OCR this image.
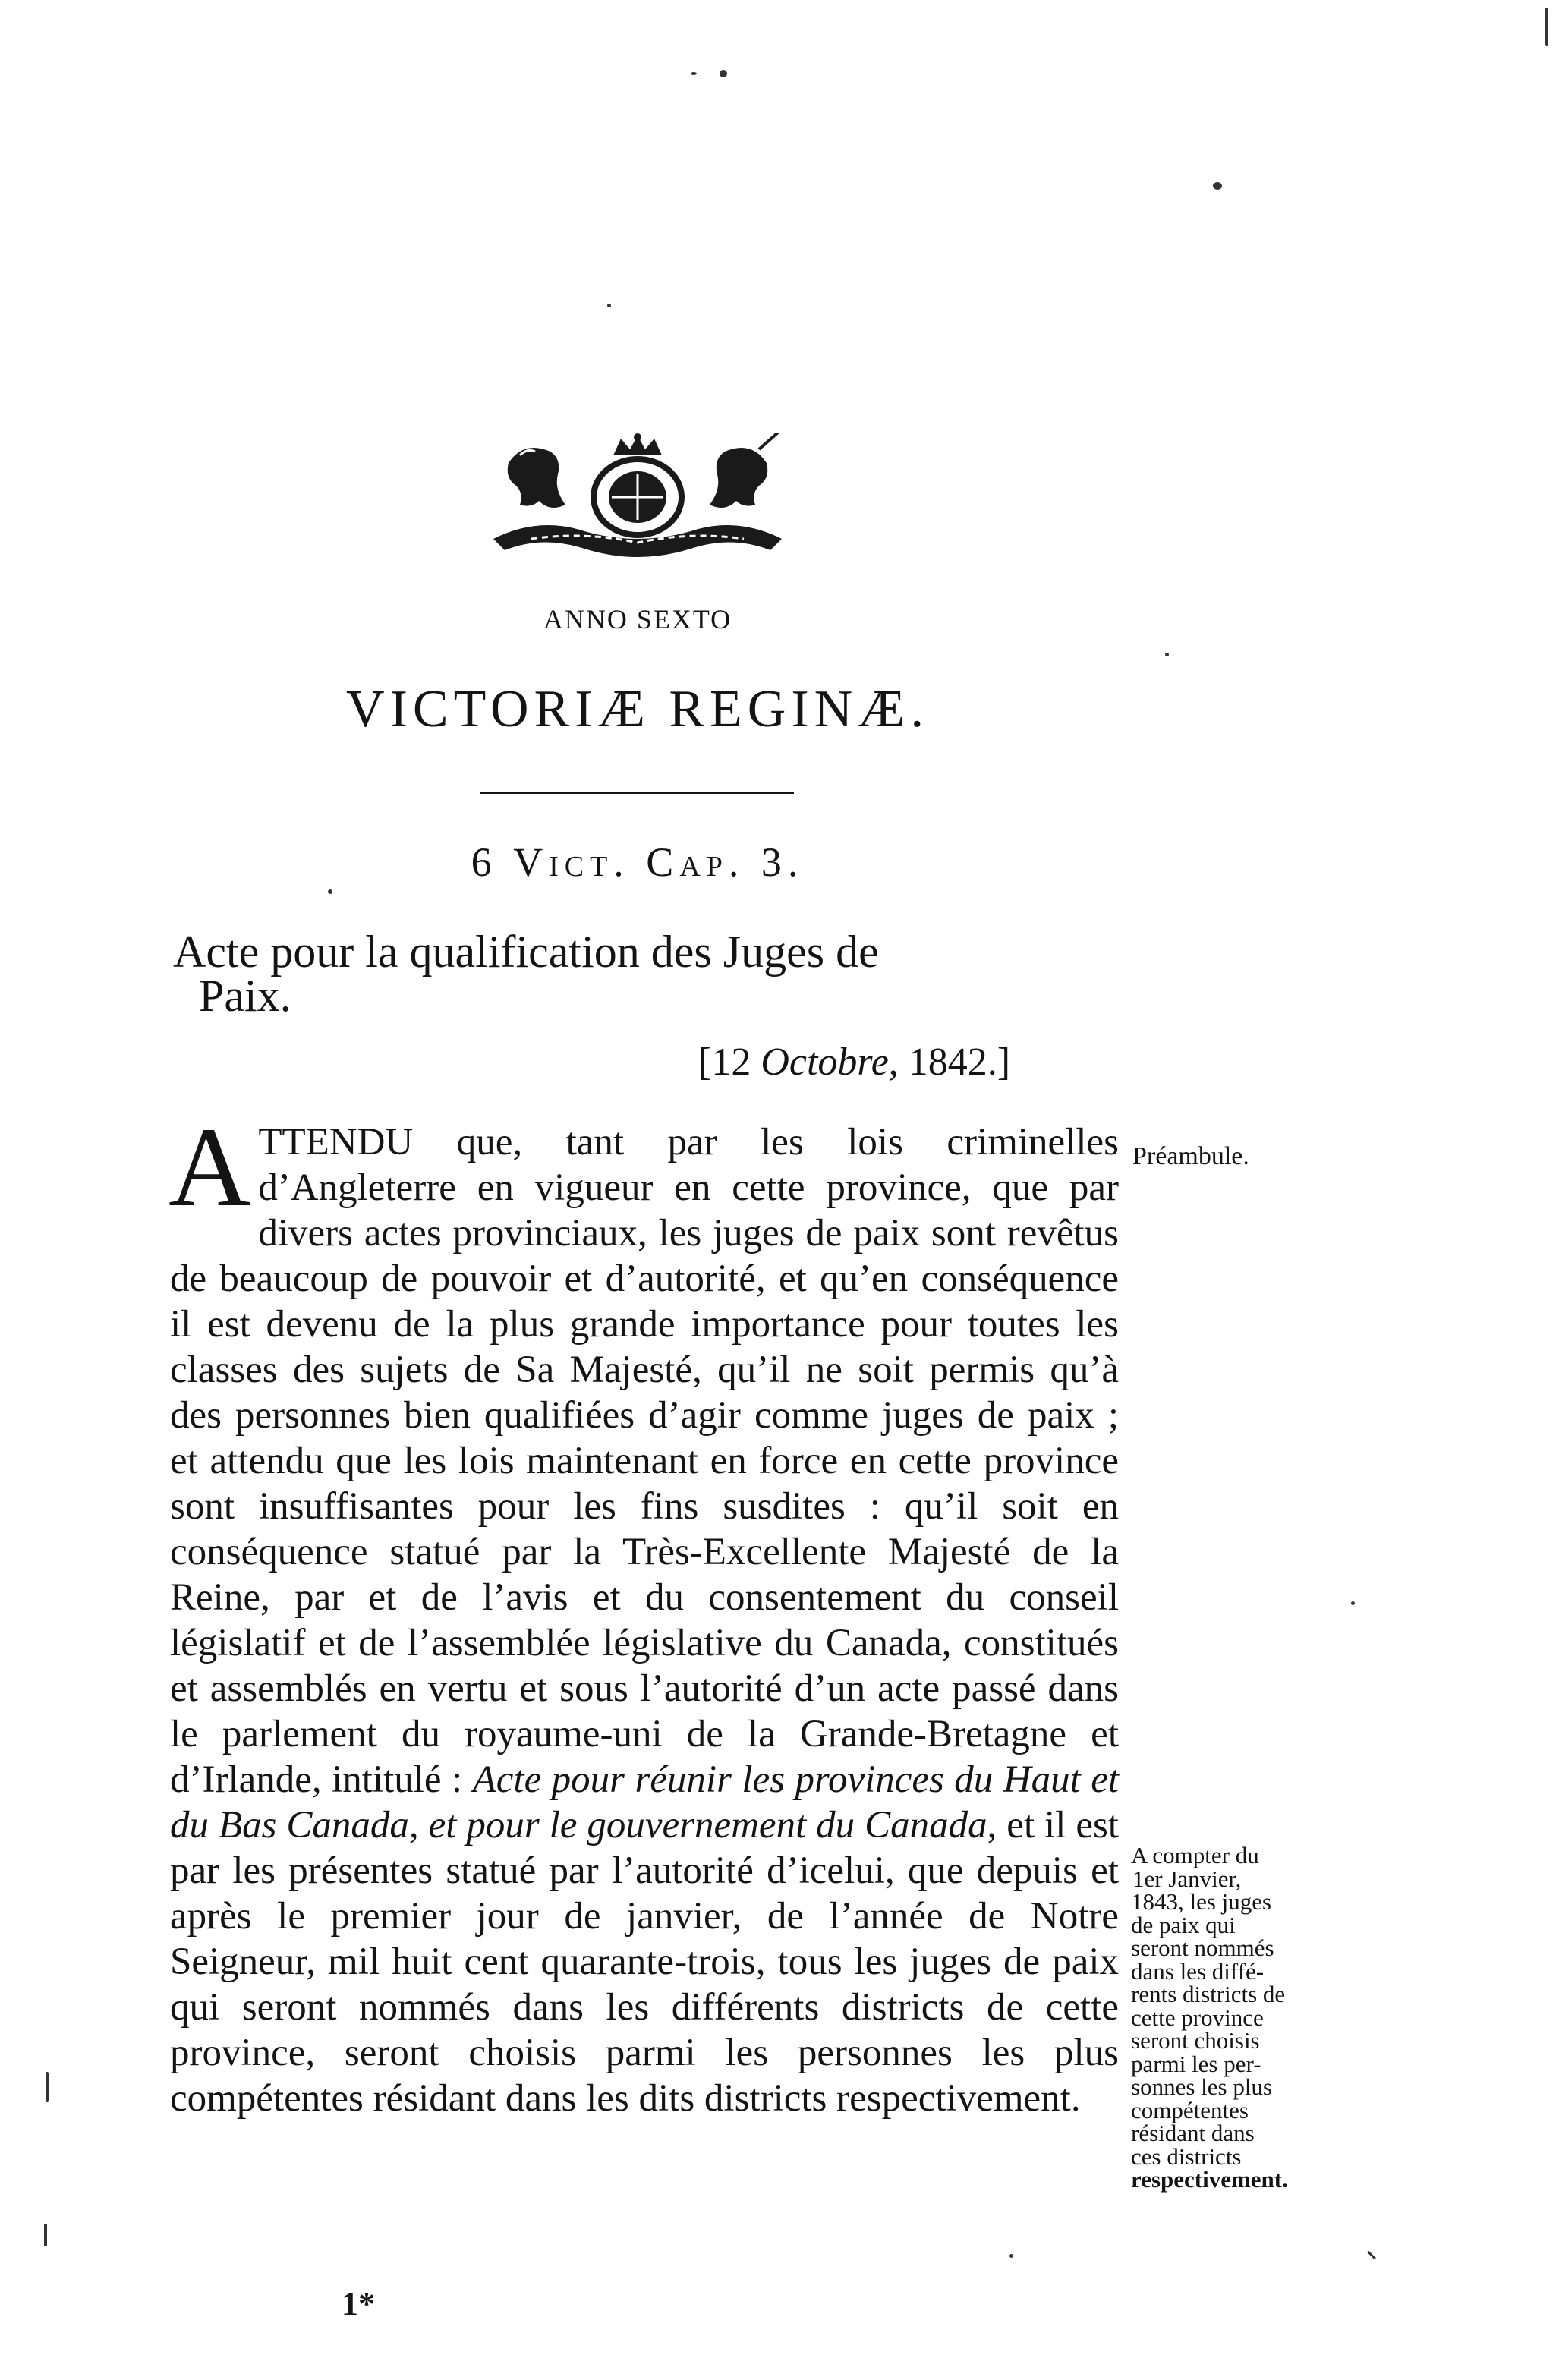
ANNO SEXTO
VICTORIÆ REGINÆ.
6 Vict. Cap. 3.
Acte pour la qualification des Juges de
Paix.
[12 Octobre, 1842.]
ATTENDU que, tant par les lois criminelles d’Angleterre en vigueur en cette province, que par divers actes provinciaux, les juges de paix sont revêtus de beaucoup de pouvoir et d’autorité, et qu’en conséquence il est devenu de la plus grande importance pour toutes les classes des sujets de Sa Majesté, qu’il ne soit permis qu’à des personnes bien qualifiées d’agir comme juges de paix ; et attendu que les lois maintenant en force en cette province sont insuffisantes pour les fins susdites : qu’il soit en conséquence statué par la Très-Excellente Majesté de la Reine, par et de l’avis et du consentement du conseil législatif et de l’assemblée législative du Canada, constitués et assemblés en vertu et sous l’autorité d’un acte passé dans le parlement du royaume-uni de la Grande-Bretagne et d’Irlande, intitulé : Acte pour réunir les provinces du Haut et du Bas Canada, et pour le gouvernement du Canada, et il est par les présentes statué par l’autorité d’icelui, que depuis et après le premier jour de janvier, de l’année de Notre Seigneur, mil huit cent quarante-trois, tous les juges de paix qui seront nommés dans les différents districts de cette province, seront choisis parmi les personnes les plus compétentes résidant dans les dits districts respectivement.
Préambule.
A compter du
1er Janvier,
1843, les juges
de paix qui
seront nommés
dans les diffé-
rents districts de
cette province
seront choisis
parmi les per-
sonnes les plus
compétentes
résidant dans
ces districts
respectivement.
1*
